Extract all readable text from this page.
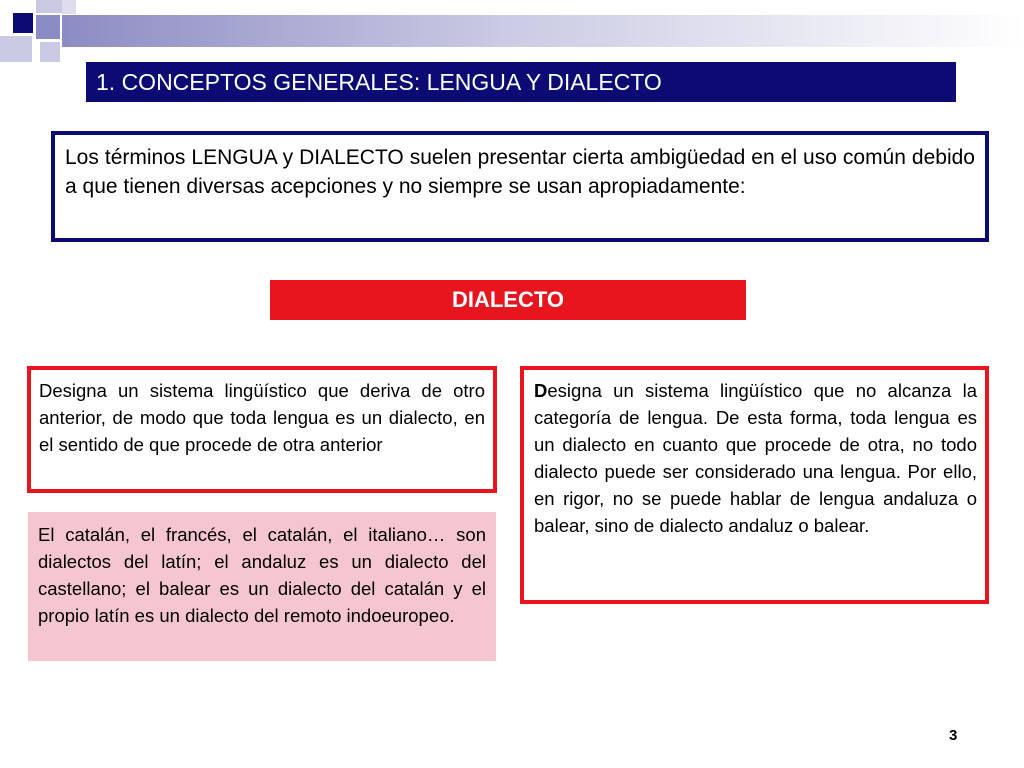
1. CONCEPTOS GENERALES: LENGUA Y DIALECTO
Los términos LENGUA y DIALECTO suelen presentar cierta ambigüedad en el uso común debido a que tienen diversas acepciones y no siempre se usan apropiadamente:
DIALECTO
Designa un sistema lingüístico que deriva de otro anterior, de modo que toda lengua es un dialecto, en el sentido de que procede de otra anterior
Designa un sistema lingüístico que no alcanza la categoría de lengua. De esta forma, toda lengua es un dialecto en cuanto que procede de otra, no todo dialecto puede ser considerado una lengua. Por ello, en rigor, no se puede hablar de lengua andaluza o balear, sino de dialecto andaluz o balear.
El catalán, el francés, el catalán, el italiano… son dialectos del latín; el andaluz es un dialecto del castellano; el balear es un dialecto del catalán y el propio latín es un dialecto del remoto indoeuropeo.
3
